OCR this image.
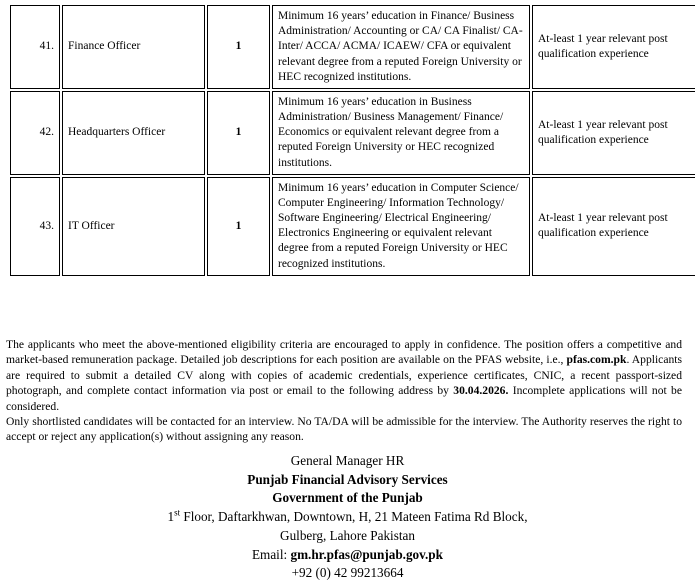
41.	Finance Officer	1	Minimum 16 years’ education in Finance/ Business Administration/ Accounting or CA/ CA Finalist/ CA-Inter/ ACCA/ ACMA/ ICAEW/ CFA or equivalent relevant degree from a reputed Foreign University or HEC recognized institutions.	At-least 1 year relevant post qualification experience
42.	Headquarters Officer	1	Minimum 16 years’ education in Business Administration/ Business Management/ Finance/ Economics or equivalent relevant degree from a reputed Foreign University or HEC recognized institutions.	At-least 1 year relevant post qualification experience
43.	IT Officer	1	Minimum 16 years’ education in Computer Science/ Computer Engineering/ Information Technology/ Software Engineering/ Electrical Engineering/ Electronics Engineering or equivalent relevant degree from a reputed Foreign University or HEC recognized institutions.	At-least 1 year relevant post qualification experience

The applicants who meet the above-mentioned eligibility criteria are encouraged to apply in confidence. The position offers a competitive and market-based remuneration package. Detailed job descriptions for each position are available on the PFAS website, i.e., pfas.com.pk. Applicants are required to submit a detailed CV along with copies of academic credentials, experience certificates, CNIC, a recent passport-sized photograph, and complete contact information via post or email to the following address by 30.04.2026. Incomplete applications will not be considered.

Only shortlisted candidates will be contacted for an interview. No TA/DA will be admissible for the interview. The Authority reserves the right to accept or reject any application(s) without assigning any reason.

General Manager HR
Punjab Financial Advisory Services
Government of the Punjab
1st Floor, Daftarkhwan, Downtown, H, 21 Mateen Fatima Rd Block,
Gulberg, Lahore Pakistan
Email: gm.hr.pfas@punjab.gov.pk
+92 (0) 42 99213664
